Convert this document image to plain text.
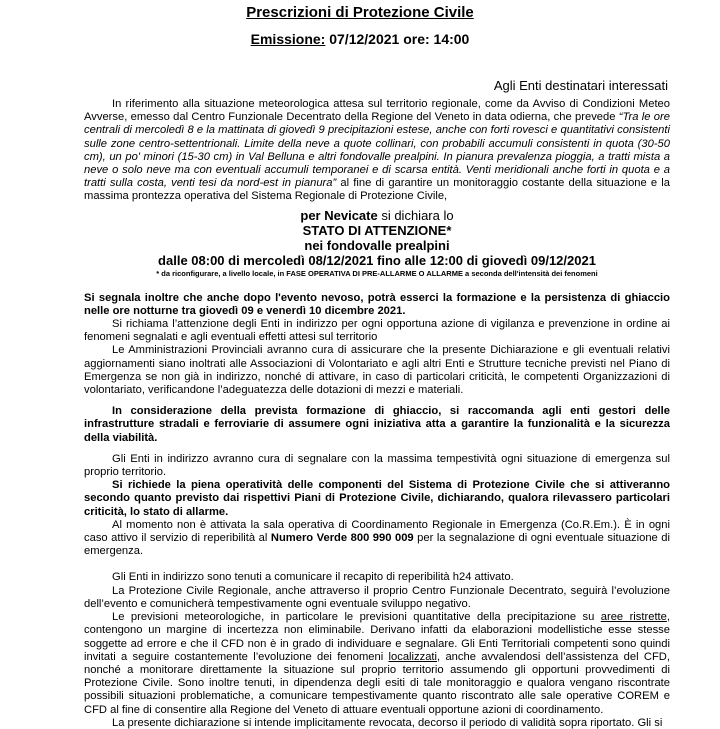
Prescrizioni di Protezione Civile
Emissione: 07/12/2021 ore: 14:00
Agli Enti destinatari interessati

In riferimento alla situazione meteorologica attesa sul territorio regionale, come da Avviso di Condizioni Meteo Avverse, emesso dal Centro Funzionale Decentrato della Regione del Veneto in data odierna, che prevede “Tra le ore centrali di mercoledì 8 e la mattinata di giovedì 9 precipitazioni estese, anche con forti rovesci e quantitativi consistenti sulle zone centro-settentrionali. Limite della neve a quote collinari, con probabili accumuli consistenti in quota (30-50 cm), un po' minori (15-30 cm) in Val Belluna e altri fondovalle prealpini. In pianura prevalenza pioggia, a tratti mista a neve o solo neve ma con eventuali accumuli temporanei e di scarsa entità. Venti meridionali anche forti in quota e a tratti sulla costa, venti tesi da nord-est in pianura” al fine di garantire un monitoraggio costante della situazione e la massima prontezza operativa del Sistema Regionale di Protezione Civile,

per Nevicate si dichiara lo
STATO DI ATTENZIONE*
nei fondovalle prealpini
dalle 08:00 di mercoledì 08/12/2021 fino alle 12:00 di giovedì 09/12/2021
* da riconfigurare, a livello locale, in FASE OPERATIVA DI PRE-ALLARME O ALLARME a seconda dell'intensità dei fenomeni

Si segnala inoltre che anche dopo l'evento nevoso, potrà esserci la formazione e la persistenza di ghiaccio nelle ore notturne tra giovedì 09 e venerdì 10 dicembre 2021.

Si richiama l’attenzione degli Enti in indirizzo per ogni opportuna azione di vigilanza e prevenzione in ordine ai fenomeni segnalati e agli eventuali effetti attesi sul territorio

Le Amministrazioni Provinciali avranno cura di assicurare che la presente Dichiarazione e gli eventuali relativi aggiornamenti siano inoltrati alle Associazioni di Volontariato e agli altri Enti e Strutture tecniche previsti nel Piano di Emergenza se non già in indirizzo, nonché di attivare, in caso di particolari criticità, le competenti Organizzazioni di volontariato, verificandone l’adeguatezza delle dotazioni di mezzi e materiali.

In considerazione della prevista formazione di ghiaccio, si raccomanda agli enti gestori delle infrastrutture stradali e ferroviarie di assumere ogni iniziativa atta a garantire la funzionalità e la sicurezza della viabilità.

Gli Enti in indirizzo avranno cura di segnalare con la massima tempestività ogni situazione di emergenza sul proprio territorio.

Si richiede la piena operatività delle componenti del Sistema di Protezione Civile che si attiveranno secondo quanto previsto dai rispettivi Piani di Protezione Civile, dichiarando, qualora rilevassero particolari criticità, lo stato di allarme.

Al momento non è attivata la sala operativa di Coordinamento Regionale in Emergenza (Co.R.Em.). È in ogni caso attivo il servizio di reperibilità al Numero Verde 800 990 009 per la segnalazione di ogni eventuale situazione di emergenza.

Gli Enti in indirizzo sono tenuti a comunicare il recapito di reperibilità h24 attivato.

La Protezione Civile Regionale, anche attraverso il proprio Centro Funzionale Decentrato, seguirà l’evoluzione dell’evento e comunicherà tempestivamente ogni eventuale sviluppo negativo.

Le previsioni meteorologiche, in particolare le previsioni quantitative della precipitazione su aree ristrette, contengono un margine di incertezza non eliminabile. Derivano infatti da elaborazioni modellistiche esse stesse soggette ad errore e che il CFD non è in grado di individuare e segnalare. Gli Enti Territoriali competenti sono quindi invitati a seguire costantemente l’evoluzione dei fenomeni localizzati, anche avvalendosi dell’assistenza del CFD, nonché a monitorare direttamente la situazione sul proprio territorio assumendo gli opportuni provvedimenti di Protezione Civile. Sono inoltre tenuti, in dipendenza degli esiti di tale monitoraggio e qualora vengano riscontrate possibili situazioni problematiche, a comunicare tempestivamente quanto riscontrato alle sale operative COREM e CFD al fine di consentire alla Regione del Veneto di attuare eventuali opportune azioni di coordinamento.

La presente dichiarazione si intende implicitamente revocata, decorso il periodo di validità sopra riportato. Gli si
